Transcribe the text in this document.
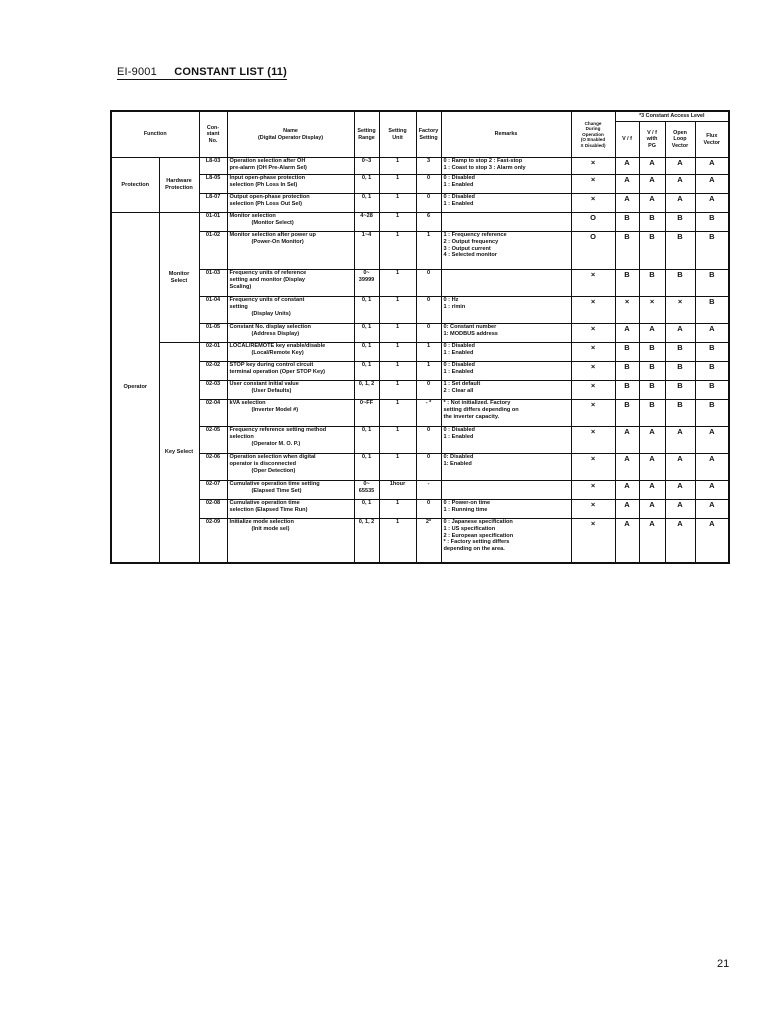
EI-9001 CONSTANT LIST (11)
Function		Con-
stant
No.	Name
(Digital Operator Display)	Setting
Range	Setting
Unit	Factory
Setting	Remarks	Change
During
Operation
(O Enabled
X Disabled)	*3 Constant Access Level			
									V / f	V / f
with
PG	Open
Loop
Vector	Flux
Vector

Protection	Hardware
Protection	L8-03	Operation selection after OH
pre-alarm (OH Pre-Alarm Sel)	0~3	1	3	0 : Ramp to stop 2 : Fast-stop
1 : Coast to stop 3 : Alarm only	×	A	A	A	A
		L8-05	Input open-phase protection
selection (Ph Loss In Sel)	0, 1	1	0	0 : Disabled
1 : Enabled	×	A	A	A	A
		L8-07	Output open-phase protection
selection (Ph Loss Out Sel)	0, 1	1	0	0 : Disabled
1 : Enabled	×	A	A	A	A
Operator	Monitor
Select	01-01	Monitor selection
(Monitor Select)	4~28	1	6		O	B	B	B	B
		01-02	Monitor selection after power up
(Power-On Monitor)	1~4	1	1	1 : Frequency reference
2 : Output frequency
3 : Output current
4 : Selected monitor	O	B	B	B	B
		01-03	Frequency units of reference
setting and monitor (Display
Scaling)	0~ 39999	1	0		×	B	B	B	B
		01-04	Frequency units of constant
setting
(Display Units)	0, 1	1	0	0 : Hz
1 : r/min	×	×	×	×	B
		01-05	Constant No. display selection
(Address Display)	0, 1	1	0	0: Constant number
1: MODBUS address	×	A	A	A	A
	Key Select	02-01	LOCAL/REMOTE key enable/disable
(Local/Remote Key)	0, 1	1	1	0 : Disabled
1 : Enabled	×	B	B	B	B
		02-02	STOP key during control circuit
terminal operation (Oper STOP Key)	0, 1	1	1	0 : Disabled
1 : Enabled	×	B	B	B	B
		02-03	User constant initial value
(User Defaults)	0, 1, 2	1	0	1 : Set default
2 : Clear all	×	B	B	B	B
		02-04	kVA selection
(Inverter Model #)	0~FF	1	- *	* : Not initialized. Factory
setting differs depending on
the inverter capacity.	×	B	B	B	B
		02-05	Frequency reference setting method
selection
(Operator M. O. P.)	0, 1	1	0	0 : Disabled
1 : Enabled	×	A	A	A	A
		02-06	Operation selection when digital
operator is disconnected
(Oper Detection)	0, 1	1	0	0: Disabled
1: Enabled	×	A	A	A	A
		02-07	Cumulative operation time setting
(Elapsed Time Set)	0~ 65535	1hour	-		×	A	A	A	A
		02-08	Cumulative operation time
selection (Elapsed Time Run)	0, 1	1	0	0 : Power-on time
1 : Running time	×	A	A	A	A
		02-09	Initialize mode selection
(Init mode sel)	0, 1, 2	1	2*	0 : Japanese specification
1 : US specification
2 : European specification
* : Factory setting differs
depending on the area.	×	A	A	A	A
21
